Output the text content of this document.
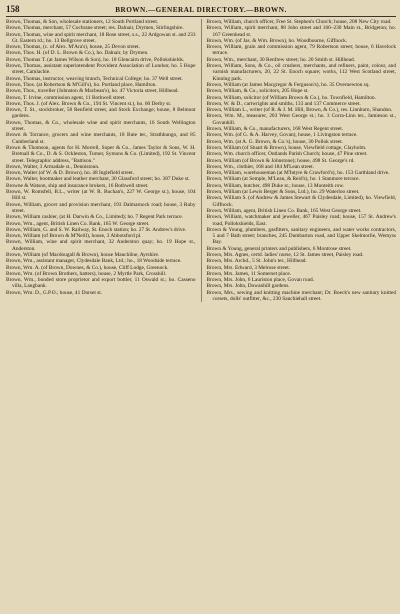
158	BROWN.—GENERAL DIRECTORY.—BROWN.

Brown, Thomas, & Son, wholesale stationers, 12 South Portland street.

Brown, Thomas, merchant, 57 Cochrane street; res. Dalnair, Drymen, Stirlingshire.

Brown, Thomas, wine and spirit merchant, 18 Rose street, s.s., 22 Ardgowan st. and 233 Gt. Eastern rd.; ho. 13 Bellgrove street.

Brown, Thomas, (c. of Alex. M'Ara's), house, 25 Devon street.

Brown, Thos. H. (of D. L. Brown & Co.), ho. Dalnair, by Drymen.

Brown, Thomas T. (at James Wilson & Son), ho. 18 Glencairn drive, Pollokshields.

Brown, Thomas, assistant superintendent Provident Association of London; ho. 5 Hope street, Camlachie.

Brown, Thomas, instructor, weaving branch, Technical College; ho. 37 Well street.

Brown, Thos. (at Robertson & M'Gill's), ho. Portland place, Hamilton.

Brown, Thos., traveller (Johnston & Macbean's), ho. 47 Victoria street, Hillhead.

Brown, T. Irvine, commission agent, 11 Bothwell street.

Brown, Thos. J. (of Alex. Brown & Co., 194 St. Vincent st.), ho. 60 Derby st.

Brown, T. St., stockbroker, 58 Renfield street, and Stock Exchange; house, 8 Belmont gardens.

Brown, Thomas, & Co., wholesale wine and spirit merchants, 16 South Wellington street.

Brown & Torrance, grocers and wine merchants, 18 Bute ter., Strathbungo, and 85 Cumberland st.

Brown & Thomson, agents for H. Morrell, Soper & Co., James Taylor & Sons, W. H. Bretnall & Co., D. & S. Ockleston, Turner, Symons & Co. (Limited), 192 St. Vincent street. Telegraphic address, "Battison."

Brown, Walter, 3 Armadale st., Dennistoun.

Brown, Walter (of W. & D. Brown), ho. 48 Inglefield street.

Brown, Walter, bootmaker and leather merchant, 30 Glassford street; ho. 387 Duke st.

Browne & Watson, ship and insurance brokers, 16 Bothwell street.

Brown, W. Romsfell, B.L., writer (at W. R. Buchan's, 227 W. George st.), house, 104 Hill st.

Brown, William, grocer and provision merchant, 193 Dalmarnock road; house, 3 Ruby street.

Brown, William cashier, (at H. Darwin & Co., Limited); ho. 7 Regent Park terrace.

Brown, Wm., agent, British Linen Co. Bank, 165 W. George street.

Brown, William, G. and S. W. Railway, St. Enoch station; ho. 27 St. Andrew's drive.

Brown, William (of Brown & M'Neill), house, 3 Abbotsford pl.

Brown, William, wine and spirit merchant, 32 Anderston quay; ho. 19 Hope st., Anderston.

Brown, William (of Macdougall & Brown), house Mauchline, Ayrshire.

Brown, Wm., assistant manager, Clydesdale Bank, Ltd.; ho., 18 Woodside terrace.

Brown, Wm. A. (of Brown, Downes, & Co.), house, Cliff Lodge, Greenock.

Brown, Wm. (of Brown Brothers, hatters), house, 2 Myrtle Park, Crosshill.

Brown, Wm., bonded store proprietor and export bottler, 11 Oswald st.; ho. Casseno villa, Langbank.

Brown, Wm. D., G.P.O.; house, 41 Dorset st.

Brown, William, church officer, Free St. Stephen's Church; house, 208 New City road.

Brown, William, spirit merchant, 88 John street and 166–230 Main st., Bridgeton; ho. 167 Greenhead st.

Brown, Wm. (of Jas. & Wm. Brown), ho. Woodbourne, Giffnock.

Brown, William, grain and commission agent, 79 Robertson street; house, 6 Havelock terrace.

Brown, Wm., merchant, 30 Renfrew street; ho. 20 Smith st. Hillhead.

Brown, William, Sons, & Co., oil crushers, merchants, and refiners, paint, colour, and varnish manufacturers, 20, 22 St. Enoch square; works, 112 West Scotland street, Kinning park.

Brown, William (at James Macgregor & Ferguson's), ho. 35 Overnewton sq.

Brown, William, & Co., solicitors, 205 Hope st.

Brown, William, solicitor (of William Brown & Co.), ho. Townfield, Hamilton.

Brown, W. & D., cartwrights and smiths, 133 and 137 Commerce street.

Brown, William L., writer (of R. & J. M. Hill, Brown, & Co.), res. Linnburn, Shandon.

Brown, Wm. M., measurer, 203 West George st.; ho. 3 Corra-Linn ter., Jamieson st., Govanhill.

Brown, William, & Co., manufacturers, 168 West Regent street.

Brown, Wm. (of G. & A. Harvey, Govan), house, 1 Livingston terrace.

Brown, Wm. (at A. G. Brown, & Co.'s), house, 30 Pollok street.

Brown, William (of Stuart & Brown), house, Viewfield cottage, Clayholm.

Brown, Wm. church officer, Outlands Parish Church; house, 47 Pine street.

Brown, William (of Brown & Johnstone); house, 498 St. George's rd.

Brown, Wm., clothier, 168 and 184 M'Lean street.

Brown, William, warehouseman (at M'Intyre & Crawford's), ho. 153 Garthland drive.

Brown, William (at Semple, M'Lean, & Reid's), ho. 1 Stanmore terrace.

Brown, William, butcher, 498 Duke st.; house, 13 Monteith row.

Brown, William (at Lewis Berger & Sons, Ltd.), ho. 29 Waterloo street.

Brown, William S. (of Andrew & James Stewart & Clydesdale, Limited), ho. Viewfield, Giffnock.

Brown, William, agent, British Linen Co. Bank, 165 West George street.

Brown, William, watchmaker and jeweller, 467 Paisley road; house, 157 St. Andrew's road, Pollokshields, East.

Brown & Young, plumbers, gasfitters, sanitary engineers, and water works contractors, 5 and 7 Bath street; branches, 245 Dumbarton road, and Upper Skelmorlie, Wemyss Bay.

Brown & Young, general printers and publishers, 6 Montrose street.

Brown, Mrs. Agnes, certd. ladies' nurse, 12 St. James street, Paisley road.

Brown, Mrs. Archd., 5 St. John's ter., Hillhead.

Brown, Mrs. Edward, 3 Melrose street.

Brown, Mrs. James, 11 Somerset place.

Brown, Mrs. John, 6 Lauriston place, Govan road.

Brown, Mrs. John, Dowanhill gardens.

Brown, Mrs., sewing and knitting machine merchant; Dr. Boeck's new sanitary knitted corsets, dolls' outfitter, &c., 230 Sauchiehall street.
